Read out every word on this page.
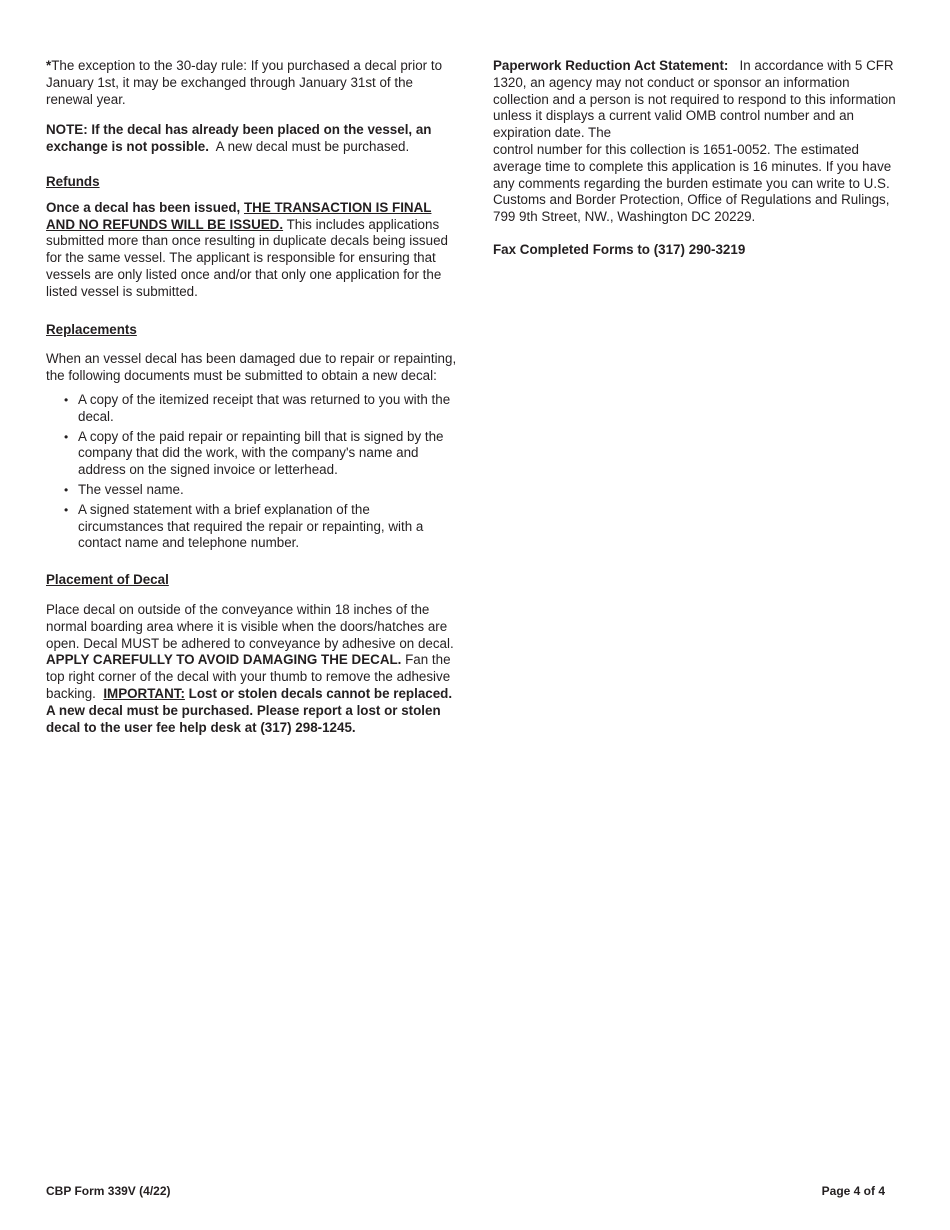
*The exception to the 30-day rule: If you purchased a decal prior to January 1st, it may be exchanged through January 31st of the renewal year.

NOTE: If the decal has already been placed on the vessel, an exchange is not possible. A new decal must be purchased.

Refunds

Once a decal has been issued, THE TRANSACTION IS FINAL AND NO REFUNDS WILL BE ISSUED. This includes applications submitted more than once resulting in duplicate decals being issued for the same vessel. The applicant is responsible for ensuring that vessels are only listed once and/or that only one application for the listed vessel is submitted.

Replacements

When an vessel decal has been damaged due to repair or repainting, the following documents must be submitted to obtain a new decal:

• A copy of the itemized receipt that was returned to you with the decal.
• A copy of the paid repair or repainting bill that is signed by the company that did the work, with the company's name and address on the signed invoice or letterhead.
• The vessel name.
• A signed statement with a brief explanation of the circumstances that required the repair or repainting, with a contact name and telephone number.
Placement of Decal

Place decal on outside of the conveyance within 18 inches of the normal boarding area where it is visible when the doors/hatches are open. Decal MUST be adhered to conveyance by adhesive on decal. APPLY CAREFULLY TO AVOID DAMAGING THE DECAL. Fan the top right corner of the decal with your thumb to remove the adhesive backing. IMPORTANT: Lost or stolen decals cannot be replaced. A new decal must be purchased. Please report a lost or stolen decal to the user fee help desk at (317) 298-1245.

Paperwork Reduction Act Statement: In accordance with 5 CFR 1320, an agency may not conduct or sponsor an information collection and a person is not required to respond to this information unless it displays a current valid OMB control number and an expiration date. The
control number for this collection is 1651-0052. The estimated average time to complete this application is 16 minutes. If you have any comments regarding the burden estimate you can write to U.S. Customs and Border Protection, Office of Regulations and Rulings, 799 9th Street, NW., Washington DC 20229.

Fax Completed Forms to (317) 290-3219

CBP Form 339V (4/22)	Page 4 of 4
